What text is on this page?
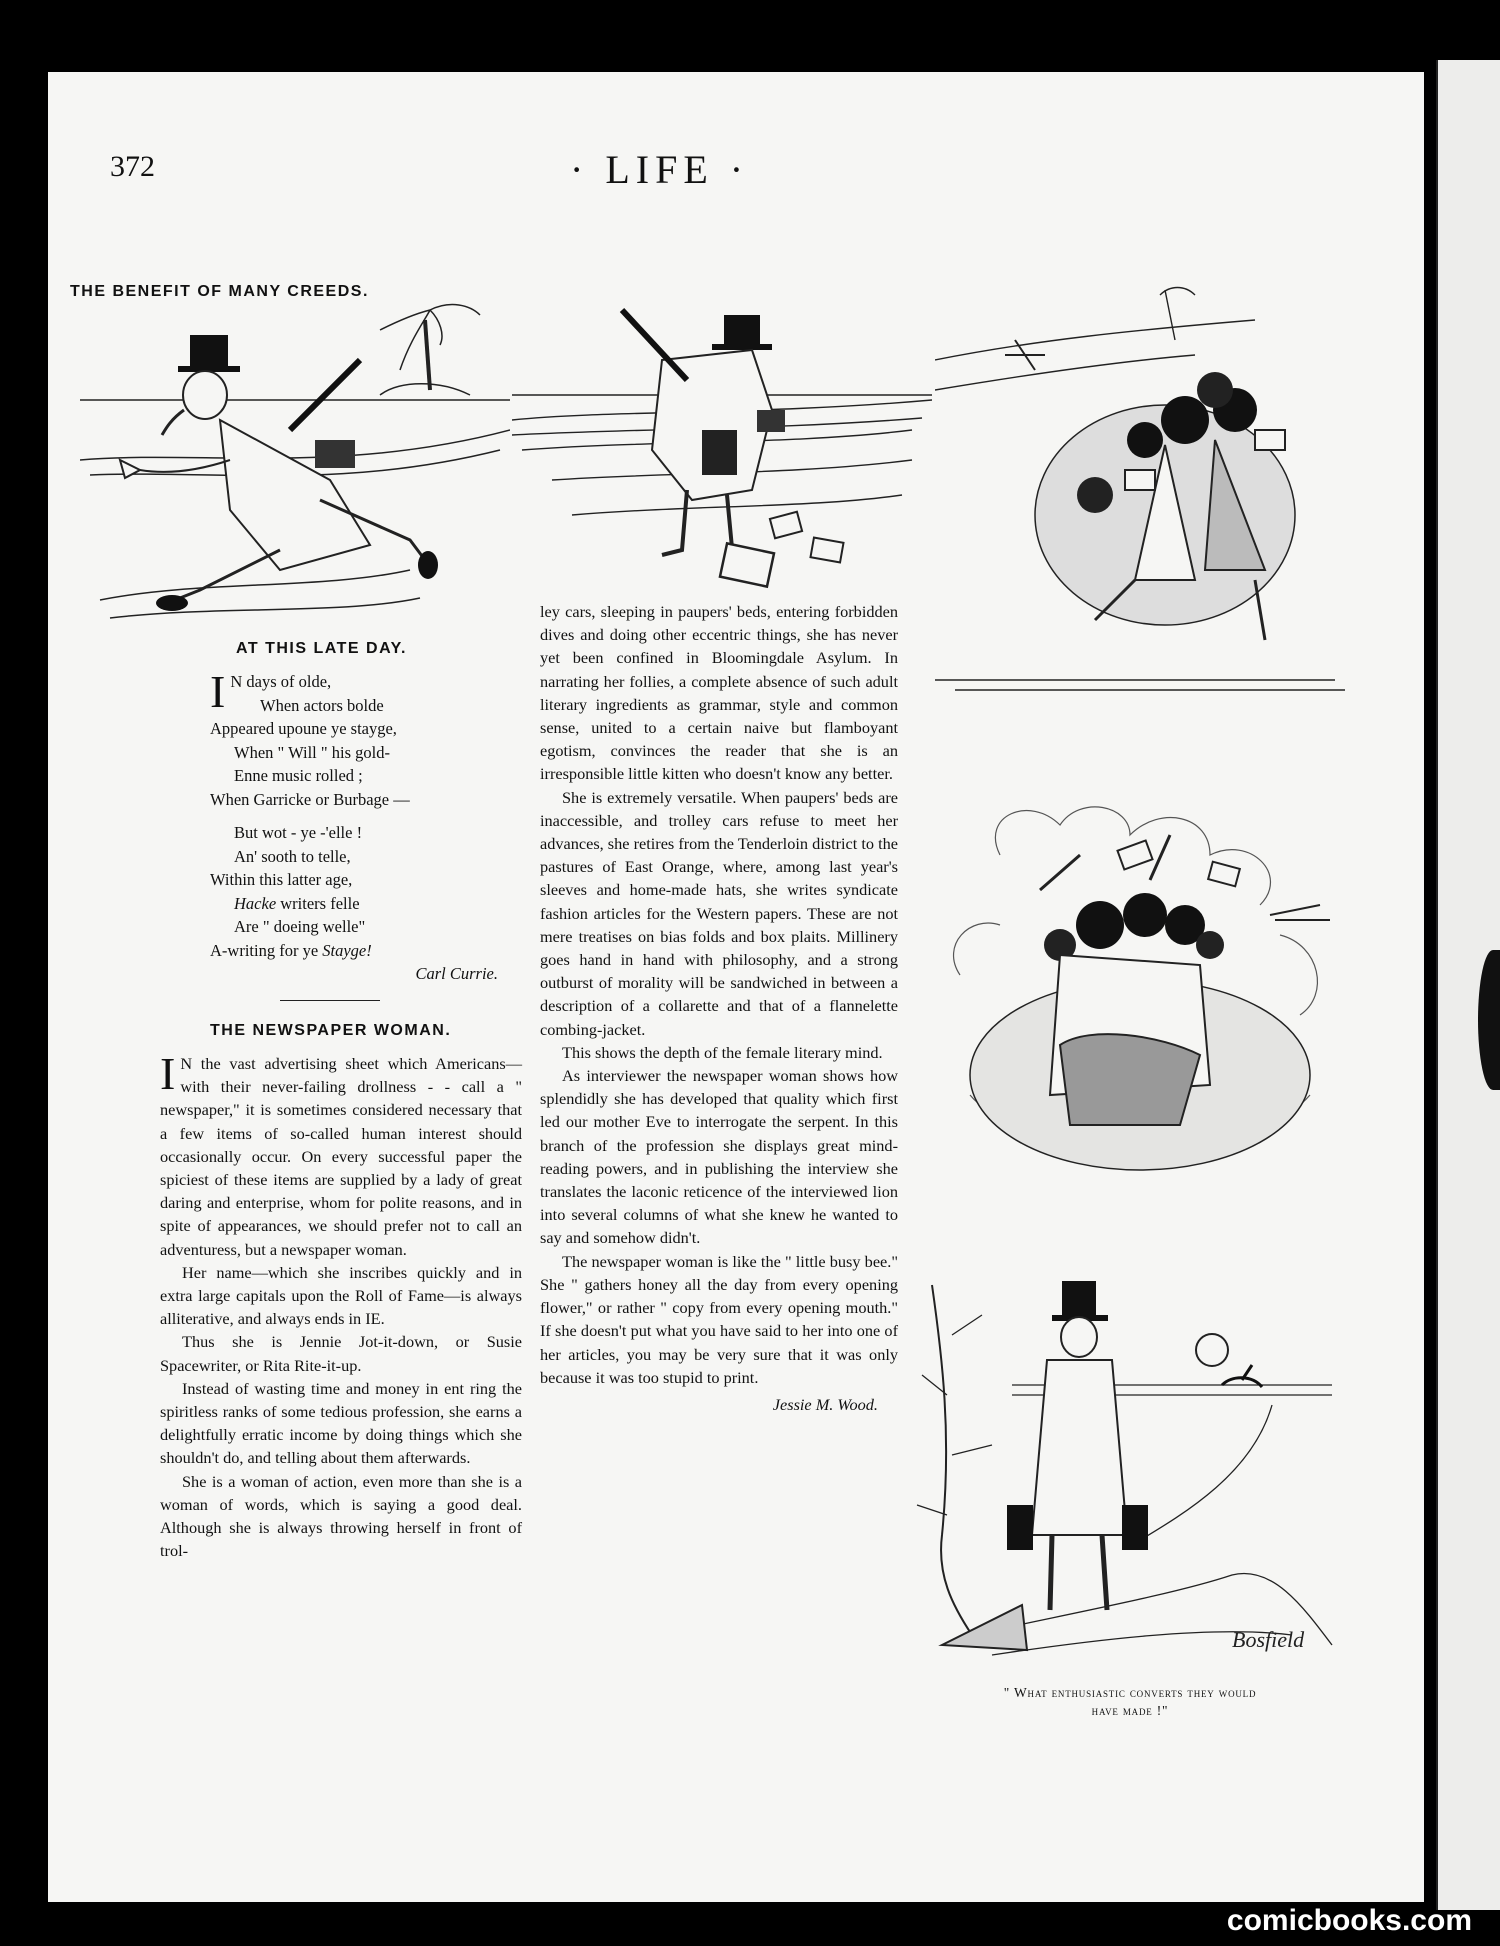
372	· LIFE ·
THE BENEFIT OF MANY CREEDS.
Bosfield
AT THIS LATE DAY.
I N days of olde,
When actors bolde
Appeared upoune ye stayge,
When " Will " his gold-
Enne music rolled ;
When Garricke or Burbage —
But wot - ye -'elle !
An' sooth to telle,
Within this latter age,
Hacke writers felle
Are " doeing welle"
A-writing for ye Stayge!
Carl Currie.
THE NEWSPAPER WOMAN.

I N the vast advertising sheet which Americans—with their never-failing drollness - - call a " newspaper," it is sometimes considered necessary that a few items of so-called human interest should occasionally occur. On every successful paper the spiciest of these items are supplied by a lady of great daring and enterprise, whom for polite reasons, and in spite of appearances, we should prefer not to call an adventuress, but a newspaper woman.

Her name—which she inscribes quickly and in extra large capitals upon the Roll of Fame—is always alliterative, and always ends in IE.

Thus she is Jennie Jot-it-down, or Susie Spacewriter, or Rita Rite-it-up.

Instead of wasting time and money in ent ring the spiritless ranks of some tedious profession, she earns a delightfully erratic income by doing things which she shouldn't do, and telling about them afterwards.

She is a woman of action, even more than she is a woman of words, which is saying a good deal. Although she is always throwing herself in front of trol-

ley cars, sleeping in paupers' beds, entering forbidden dives and doing other eccentric things, she has never yet been confined in Bloomingdale Asylum. In narrating her follies, a complete absence of such adult literary ingredients as grammar, style and common sense, united to a certain naive but flamboyant egotism, convinces the reader that she is an irresponsible little kitten who doesn't know any better.

She is extremely versatile. When paupers' beds are inaccessible, and trolley cars refuse to meet her advances, she retires from the Tenderloin district to the pastures of East Orange, where, among last year's sleeves and home-made hats, she writes syndicate fashion articles for the Western papers. These are not mere treatises on bias folds and box plaits. Millinery goes hand in hand with philosophy, and a strong outburst of morality will be sandwiched in between a description of a collarette and that of a flannelette combing-jacket.

This shows the depth of the female literary mind.

As interviewer the newspaper woman shows how splendidly she has developed that quality which first led our mother Eve to interrogate the serpent. In this branch of the profession she displays great mind-reading powers, and in publishing the interview she translates the laconic reticence of the interviewed lion into several columns of what she knew he wanted to say and somehow didn't.

The newspaper woman is like the " little busy bee." She " gathers honey all the day from every opening flower," or rather " copy from every opening mouth." If she doesn't put what you have said to her into one of her articles, you may be very sure that it was only because it was too stupid to print.

Jessie M. Wood.
" What enthusiastic converts they would
have made !"
comicbooks.com
